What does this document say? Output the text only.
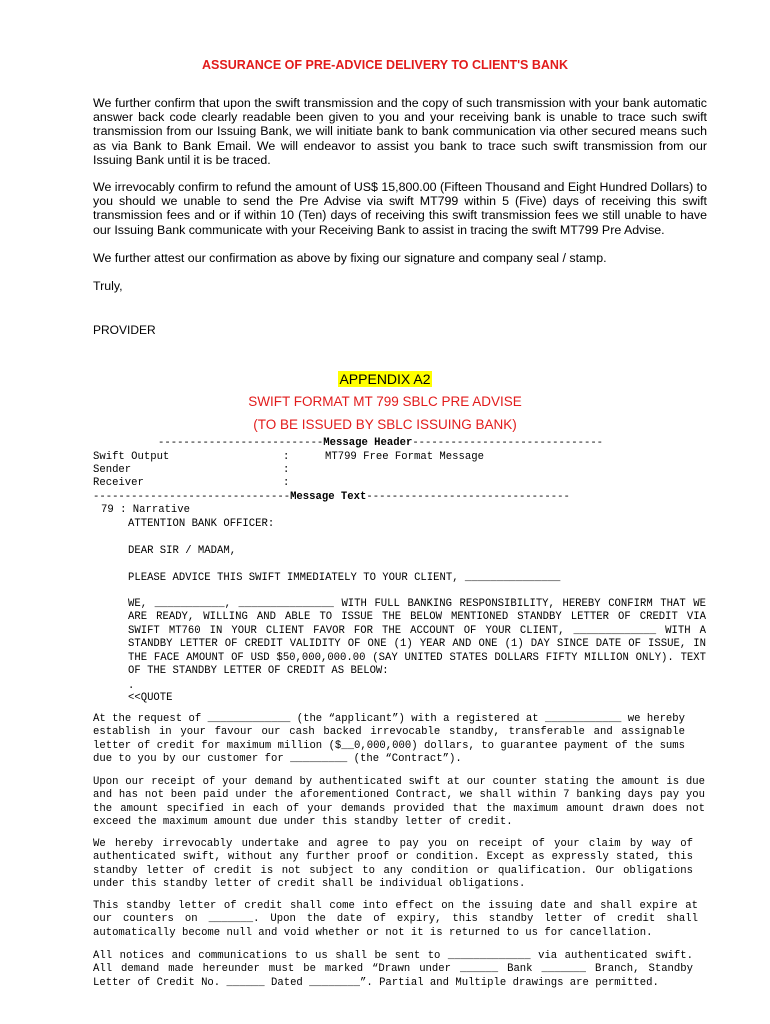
ASSURANCE OF PRE-ADVICE DELIVERY TO CLIENT'S BANK

We further confirm that upon the swift transmission and the copy of such transmission with your bank automatic answer back code clearly readable been given to you and your receiving bank is unable to trace such swift transmission from our Issuing Bank, we will initiate bank to bank communication via other secured means such as via Bank to Bank Email. We will endeavor to assist you bank to trace such swift transmission from our Issuing Bank until it is be traced.

We irrevocably confirm to refund the amount of US$ 15,800.00 (Fifteen Thousand and Eight Hundred Dollars) to you should we unable to send the Pre Advise via swift MT799 within 5 (Five) days of receiving this swift transmission fees and or if within 10 (Ten) days of receiving this swift transmission fees we still unable to have our Issuing Bank communicate with your Receiving Bank to assist in tracing the swift MT799 Pre Advise.

We further attest our confirmation as above by fixing our signature and company seal / stamp.

Truly,

PROVIDER
APPENDIX A2
SWIFT FORMAT MT 799 SBLC PRE ADVISE
(TO BE ISSUED BY SBLC ISSUING BANK)
--------------------------Message Header------------------------------
Swift Output	:	MT799 Free Format Message
Sender	:
Receiver	:
-------------------------------Message Text--------------------------------
79 : Narrative
ATTENTION BANK OFFICER:
DEAR SIR / MADAM,
PLEASE ADVICE THIS SWIFT IMMEDIATELY TO YOUR CLIENT, _______________

WE, ___________, _______________ WITH FULL BANKING RESPONSIBILITY, HEREBY CONFIRM THAT WE ARE READY, WILLING AND ABLE TO ISSUE THE BELOW MENTIONED STANDBY LETTER OF CREDIT VIA SWIFT MT760 IN YOUR CLIENT FAVOR FOR THE ACCOUNT OF YOUR CLIENT, _____________ WITH A STANDBY LETTER OF CREDIT VALIDITY OF ONE (1) YEAR AND ONE (1) DAY SINCE DATE OF ISSUE, IN THE FACE AMOUNT OF USD $50,000,000.00 (SAY UNITED STATES DOLLARS FIFTY MILLION ONLY). TEXT OF THE STANDBY LETTER OF CREDIT AS BELOW:

.
<<QUOTE

At the request of _____________ (the “applicant”) with a registered at ____________ we hereby establish in your favour our cash backed irrevocable standby, transferable and assignable letter of credit for maximum million ($__0,000,000) dollars, to guarantee payment of the sums due to you by our customer for _________ (the “Contract”).

Upon our receipt of your demand by authenticated swift at our counter stating the amount is due and has not been paid under the aforementioned Contract, we shall within 7 banking days pay you the amount specified in each of your demands provided that the maximum amount drawn does not exceed the maximum amount due under this standby letter of credit.

We hereby irrevocably undertake and agree to pay you on receipt of your claim by way of authenticated swift, without any further proof or condition. Except as expressly stated, this standby letter of credit is not subject to any condition or qualification. Our obligations under this standby letter of credit shall be individual obligations.

This standby letter of credit shall come into effect on the issuing date and shall expire at our counters on _______. Upon the date of expiry, this standby letter of credit shall automatically become null and void whether or not it is returned to us for cancellation.

All notices and communications to us shall be sent to _____________ via authenticated swift. All demand made hereunder must be marked “Drawn under ______ Bank _______ Branch, Standby Letter of Credit No. ______ Dated ________”. Partial and Multiple drawings are permitted.
